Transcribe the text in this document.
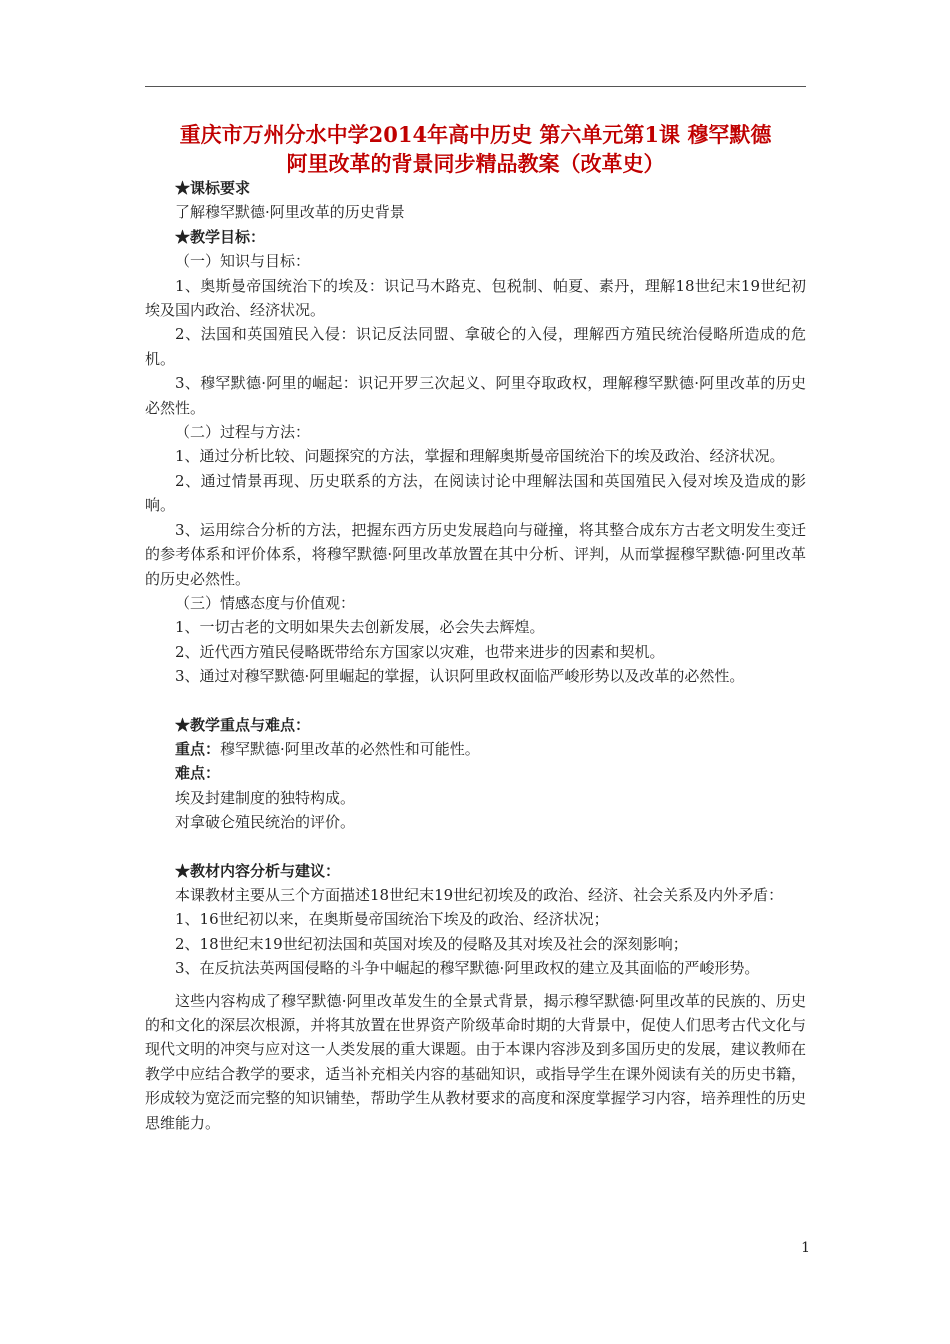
重庆市万州分水中学2014年高中历史 第六单元第1课 穆罕默德
阿里改革的背景同步精品教案（改革史）

★课标要求

了解穆罕默德·阿里改革的历史背景

★教学目标：

（一）知识与目标：

1、奥斯曼帝国统治下的埃及：识记马木路克、包税制、帕夏、素丹，理解18世纪末19世纪初埃及国内政治、经济状况。

2、法国和英国殖民入侵：识记反法同盟、拿破仑的入侵，理解西方殖民统治侵略所造成的危机。

3、穆罕默德·阿里的崛起：识记开罗三次起义、阿里夺取政权，理解穆罕默德·阿里改革的历史必然性。

（二）过程与方法：

1、通过分析比较、问题探究的方法，掌握和理解奥斯曼帝国统治下的埃及政治、经济状况。

2、通过情景再现、历史联系的方法，在阅读讨论中理解法国和英国殖民入侵对埃及造成的影响。

3、运用综合分析的方法，把握东西方历史发展趋向与碰撞，将其整合成东方古老文明发生变迁的参考体系和评价体系，将穆罕默德·阿里改革放置在其中分析、评判，从而掌握穆罕默德·阿里改革的历史必然性。

（三）情感态度与价值观：

1、一切古老的文明如果失去创新发展，必会失去辉煌。

2、近代西方殖民侵略既带给东方国家以灾难，也带来进步的因素和契机。

3、通过对穆罕默德·阿里崛起的掌握，认识阿里政权面临严峻形势以及改革的必然性。

★教学重点与难点：

重点：穆罕默德·阿里改革的必然性和可能性。

难点：

埃及封建制度的独特构成。

对拿破仑殖民统治的评价。

★教材内容分析与建议：

本课教材主要从三个方面描述18世纪末19世纪初埃及的政治、经济、社会关系及内外矛盾：

1、16世纪初以来，在奥斯曼帝国统治下埃及的政治、经济状况；

2、18世纪末19世纪初法国和英国对埃及的侵略及其对埃及社会的深刻影响；

3、在反抗法英两国侵略的斗争中崛起的穆罕默德·阿里政权的建立及其面临的严峻形势。

这些内容构成了穆罕默德·阿里改革发生的全景式背景，揭示穆罕默德·阿里改革的民族的、历史的和文化的深层次根源，并将其放置在世界资产阶级革命时期的大背景中，促使人们思考古代文化与现代文明的冲突与应对这一人类发展的重大课题。由于本课内容涉及到多国历史的发展，建议教师在教学中应结合教学的要求，适当补充相关内容的基础知识，或指导学生在课外阅读有关的历史书籍，形成较为宽泛而完整的知识铺垫，帮助学生从教材要求的高度和深度掌握学习内容，培养理性的历史思维能力。

1
